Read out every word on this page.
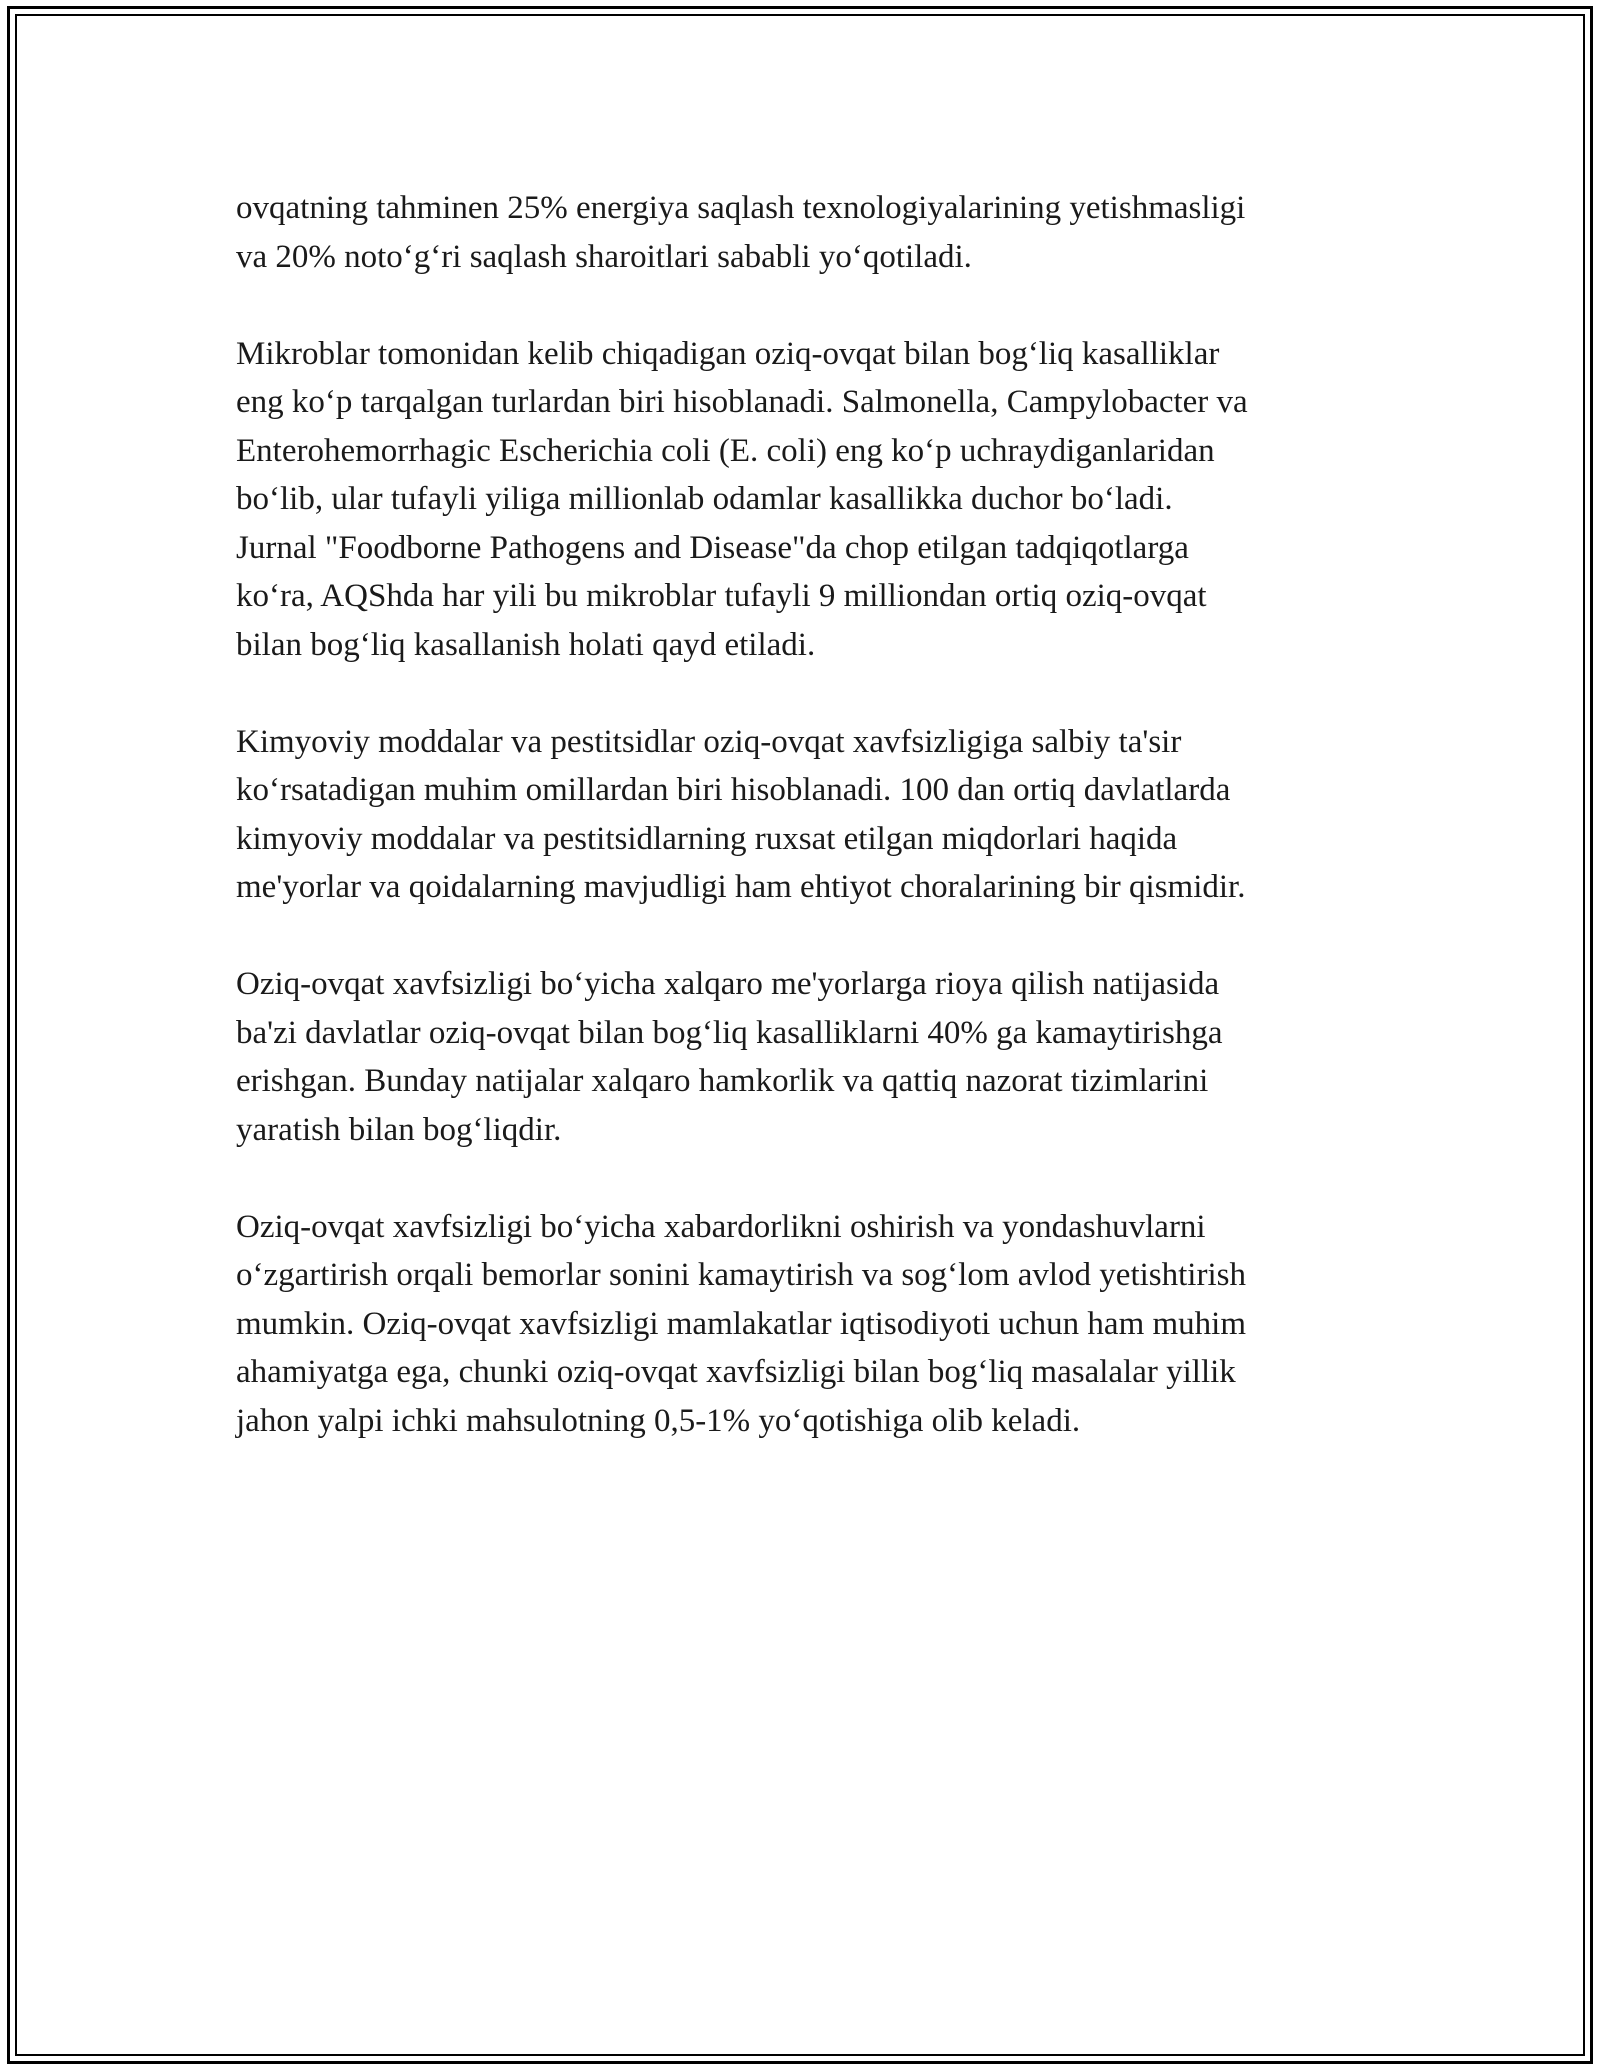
ovqatning tahminen 25% energiya saqlash texnologiyalarining yetishmasligi
va 20% noto‘g‘ri saqlash sharoitlari sababli yo‘qotiladi.

Mikroblar tomonidan kelib chiqadigan oziq-ovqat bilan bog‘liq kasalliklar
eng ko‘p tarqalgan turlardan biri hisoblanadi. Salmonella, Campylobacter va
Enterohemorrhagic Escherichia coli (E. coli) eng ko‘p uchraydiganlaridan
bo‘lib, ular tufayli yiliga millionlab odamlar kasallikka duchor bo‘ladi.
Jurnal "Foodborne Pathogens and Disease"da chop etilgan tadqiqotlarga
ko‘ra, AQShda har yili bu mikroblar tufayli 9 milliondan ortiq oziq-ovqat
bilan bog‘liq kasallanish holati qayd etiladi.

Kimyoviy moddalar va pestitsidlar oziq-ovqat xavfsizligiga salbiy ta'sir
ko‘rsatadigan muhim omillardan biri hisoblanadi. 100 dan ortiq davlatlarda
kimyoviy moddalar va pestitsidlarning ruxsat etilgan miqdorlari haqida
me'yorlar va qoidalarning mavjudligi ham ehtiyot choralarining bir qismidir.

Oziq-ovqat xavfsizligi bo‘yicha xalqaro me'yorlarga rioya qilish natijasida
ba'zi davlatlar oziq-ovqat bilan bog‘liq kasalliklarni 40% ga kamaytirishga
erishgan. Bunday natijalar xalqaro hamkorlik va qattiq nazorat tizimlarini
yaratish bilan bog‘liqdir.

Oziq-ovqat xavfsizligi bo‘yicha xabardorlikni oshirish va yondashuvlarni
o‘zgartirish orqali bemorlar sonini kamaytirish va sog‘lom avlod yetishtirish
mumkin. Oziq-ovqat xavfsizligi mamlakatlar iqtisodiyoti uchun ham muhim
ahamiyatga ega, chunki oziq-ovqat xavfsizligi bilan bog‘liq masalalar yillik
jahon yalpi ichki mahsulotning 0,5-1% yo‘qotishiga olib keladi.
